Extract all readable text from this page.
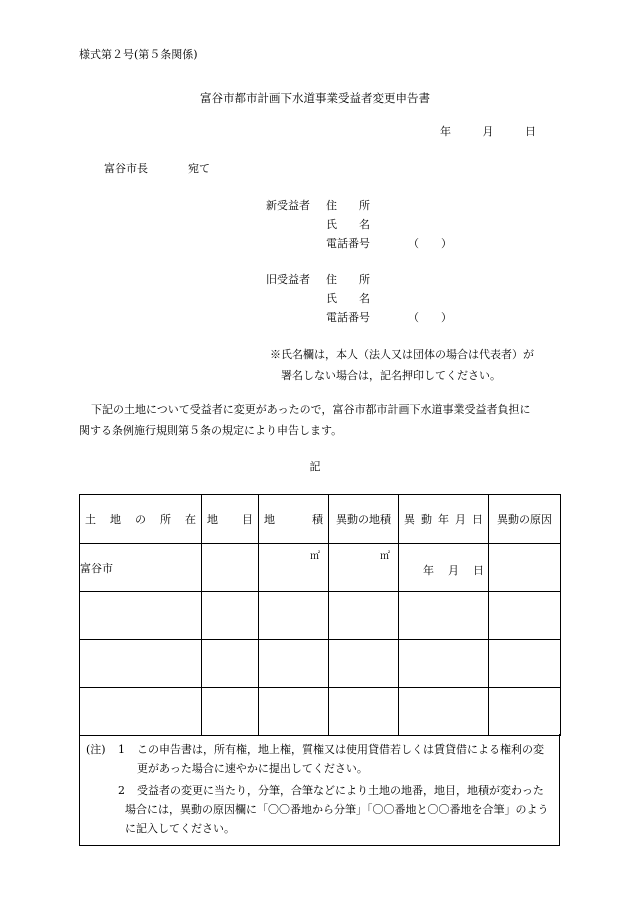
様式第２号(第５条関係)
富谷市都市計画下水道事業受益者変更申告書
年	月	日
富谷市長	宛て
新受益者 住　　所
氏　　名
電話番号	（　　）
旧受益者 住　　所
氏　　名
電話番号	（　　）
※氏名欄は，本人（法人又は団体の場合は代表者）が
署名しない場合は，記名押印してください。
下記の土地について受益者に変更があったので，富谷市都市計画下水道事業受益者負担に
関する条例施行規則第５条の規定により申告します。
記
土 地 の 所 在	地 目	地 積	異動の地積	異 動 年 月 日	異動の原因
富谷市		㎡	㎡	年 月 日	

(注) 1 この申告書は，所有権，地上権，質権又は使用貸借若しくは賃貸借による権利の変
更があった場合に速やかに提出してください。
2 受益者の変更に当たり，分筆，合筆などにより土地の地番，地目，地積が変わった
場合には，異動の原因欄に「〇〇番地から分筆」「〇〇番地と〇〇番地を合筆」のよう
に記入してください。
